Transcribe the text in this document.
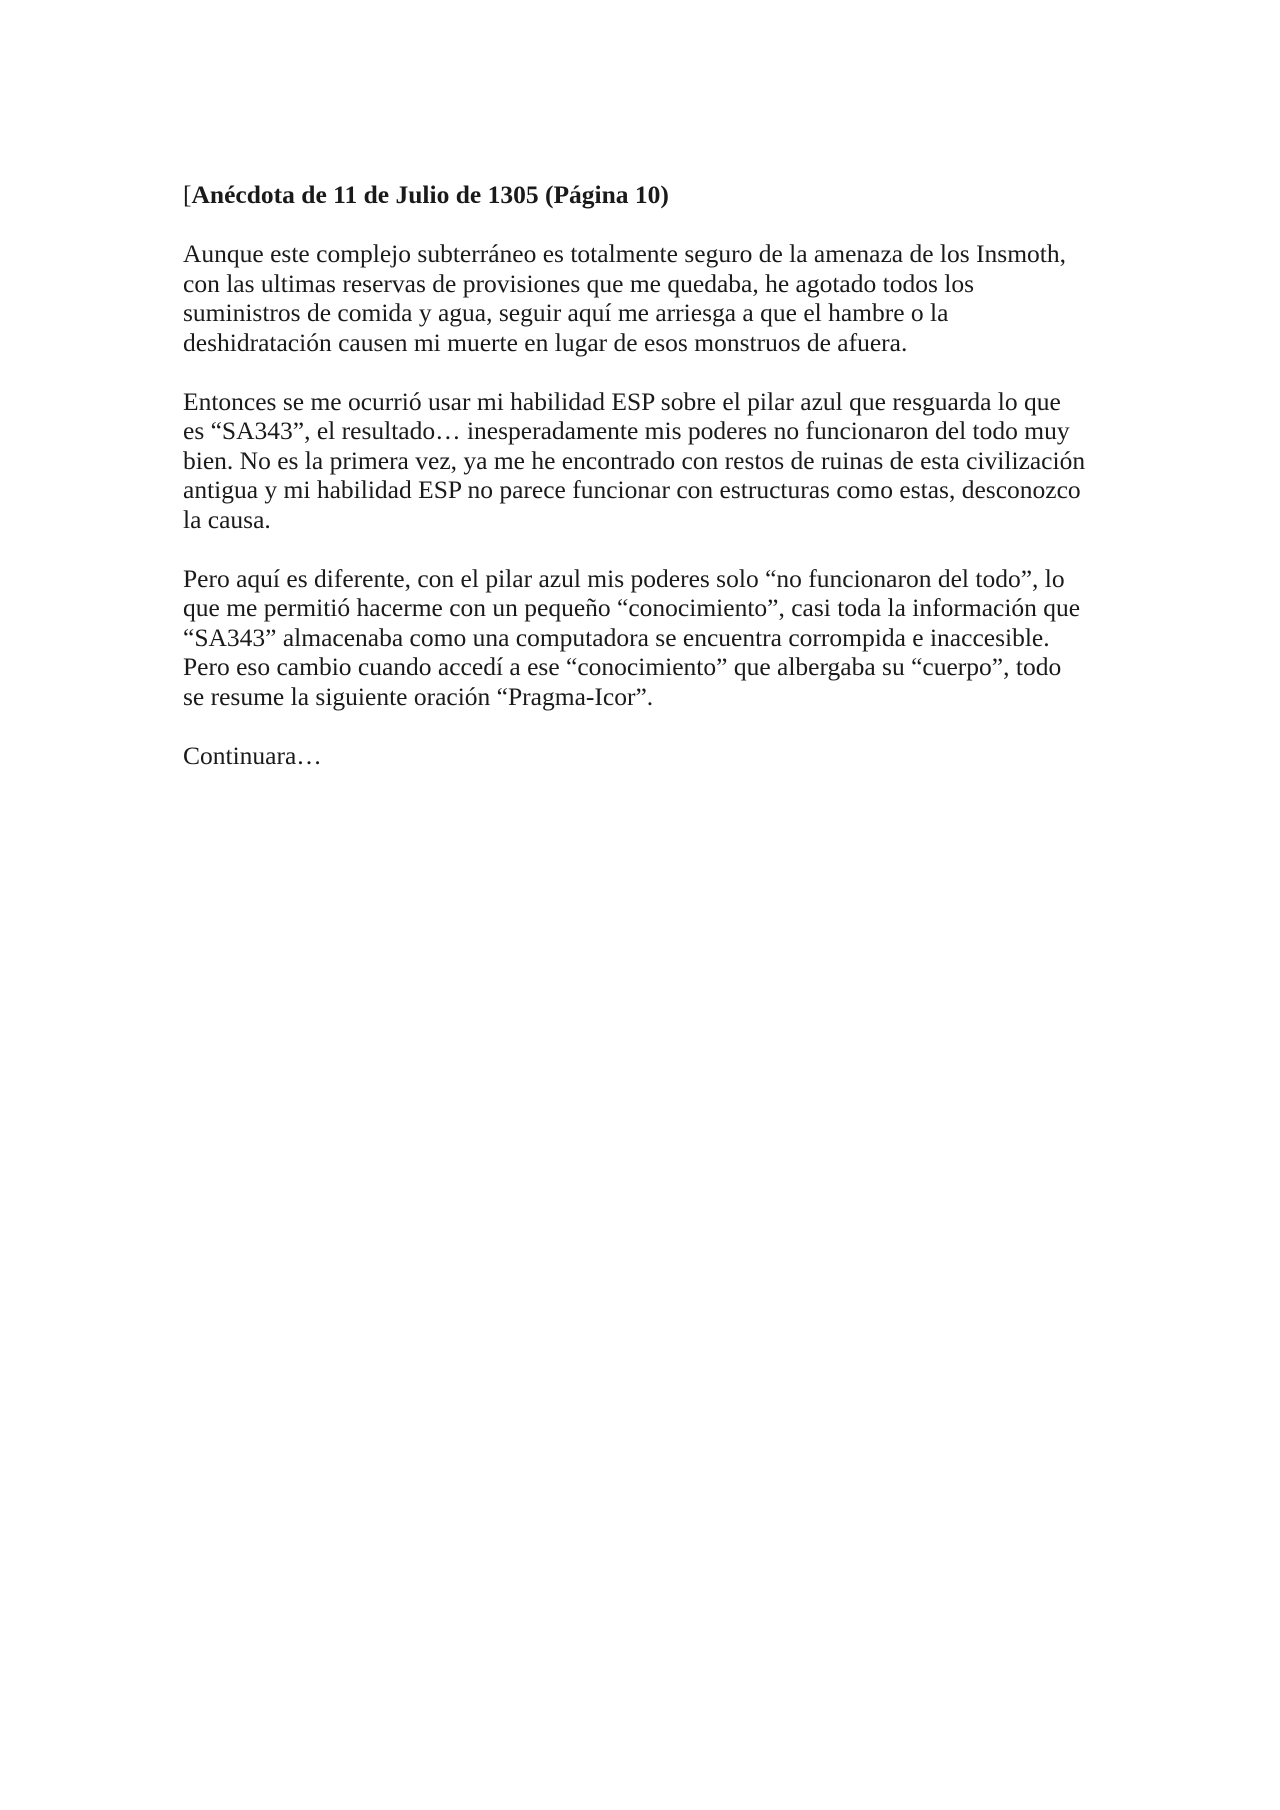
[Anécdota de 11 de Julio de 1305 (Página 10)
Aunque este complejo subterráneo es totalmente seguro de la amenaza de los Insmoth,
con las ultimas reservas de provisiones que me quedaba, he agotado todos los
suministros de comida y agua, seguir aquí me arriesga a que el hambre o la
deshidratación causen mi muerte en lugar de esos monstruos de afuera.
Entonces se me ocurrió usar mi habilidad ESP sobre el pilar azul que resguarda lo que
es “SA343”, el resultado… inesperadamente mis poderes no funcionaron del todo muy
bien. No es la primera vez, ya me he encontrado con restos de ruinas de esta civilización
antigua y mi habilidad ESP no parece funcionar con estructuras como estas, desconozco
la causa.
Pero aquí es diferente, con el pilar azul mis poderes solo “no funcionaron del todo”, lo
que me permitió hacerme con un pequeño “conocimiento”, casi toda la información que
“SA343” almacenaba como una computadora se encuentra corrompida e inaccesible.
Pero eso cambio cuando accedí a ese “conocimiento” que albergaba su “cuerpo”, todo
se resume la siguiente oración “Pragma-Icor”.
Continuara…
